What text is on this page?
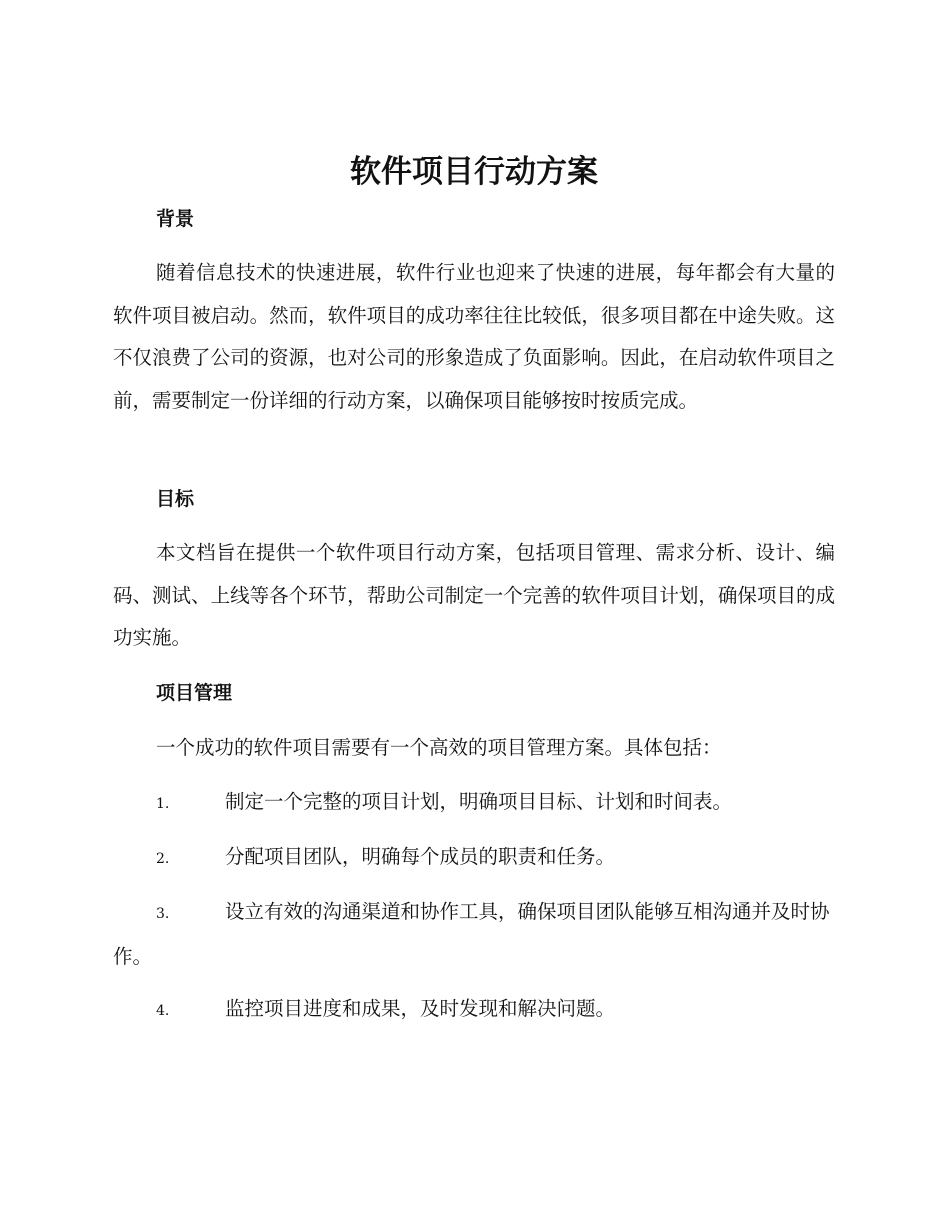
软件项目行动方案
背景

随着信息技术的快速进展，软件行业也迎来了快速的进展，每年都会有大量的软件项目被启动。然而，软件项目的成功率往往比较低，很多项目都在中途失败。这不仅浪费了公司的资源，也对公司的形象造成了负面影响。因此，在启动软件项目之前，需要制定一份详细的行动方案，以确保项目能够按时按质完成。

目标

本文档旨在提供一个软件项目行动方案，包括项目管理、需求分析、设计、编码、测试、上线等各个环节，帮助公司制定一个完善的软件项目计划，确保项目的成功实施。

项目管理

一个成功的软件项目需要有一个高效的项目管理方案。具体包括：

1.	制定一个完整的项目计划，明确项目目标、计划和时间表。

2.	分配项目团队，明确每个成员的职责和任务。

3.	设立有效的沟通渠道和协作工具，确保项目团队能够互相沟通并及时协作。

4.	监控项目进度和成果，及时发现和解决问题。
